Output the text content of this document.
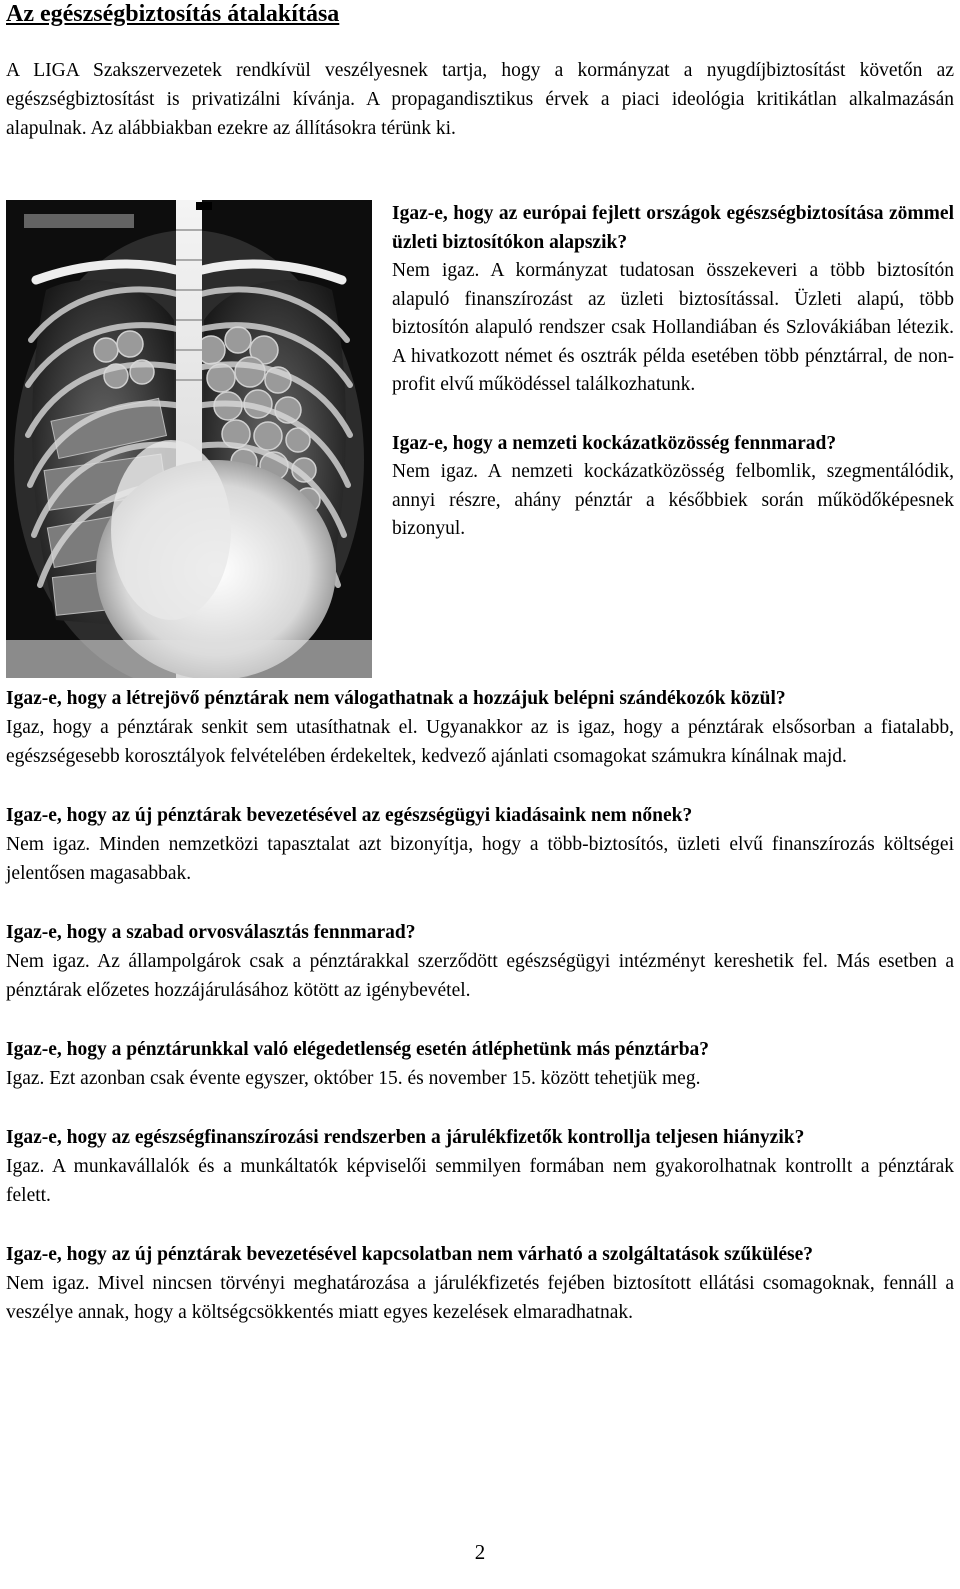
Az egészségbiztosítás átalakítása

A LIGA Szakszervezetek rendkívül veszélyesnek tartja, hogy a kormányzat a nyugdíjbiztosítást követőn az egészségbiztosítást is privatizálni kívánja. A propagandisztikus érvek a piaci ideológia kritikátlan alkalmazásán alapulnak. Az alábbiakban ezekre az állításokra térünk ki.

Igaz-e, hogy az európai fejlett országok egészségbiztosítása zömmel üzleti biztosítókon alapszik?

Nem igaz. A kormányzat tudatosan összekeveri a több biztosítón alapuló finanszírozást az üzleti biztosítással. Üzleti alapú, több biztosítón alapuló rendszer csak Hollandiában és Szlovákiában létezik. A hivatkozott német és osztrák példa esetében több pénztárral, de non-profit elvű működéssel találkozhatunk.

Igaz-e, hogy a nemzeti kockázatközösség fennmarad?

Nem igaz. A nemzeti kockázatközösség felbomlik, szegmentálódik, annyi részre, ahány pénztár a későbbiek során működőképesnek bizonyul.

Igaz-e, hogy a létrejövő pénztárak nem válogathatnak a hozzájuk belépni szándékozók közül?

Igaz, hogy a pénztárak senkit sem utasíthatnak el. Ugyanakkor az is igaz, hogy a pénztárak elsősorban a fiatalabb, egészségesebb korosztályok felvételében érdekeltek, kedvező ajánlati csomagokat számukra kínálnak majd.

Igaz-e, hogy az új pénztárak bevezetésével az egészségügyi kiadásaink nem nőnek?

Nem igaz. Minden nemzetközi tapasztalat azt bizonyítja, hogy a több-biztosítós, üzleti elvű finanszírozás költségei jelentősen magasabbak.

Igaz-e, hogy a szabad orvosválasztás fennmarad?

Nem igaz. Az állampolgárok csak a pénztárakkal szerződött egészségügyi intézményt kereshetik fel. Más esetben a pénztárak előzetes hozzájárulásához kötött az igénybevétel.

Igaz-e, hogy a pénztárunkkal való elégedetlenség esetén átléphetünk más pénztárba?

Igaz. Ezt azonban csak évente egyszer, október 15. és november 15. között tehetjük meg.

Igaz-e, hogy az egészségfinanszírozási rendszerben a járulékfizetők kontrollja teljesen hiányzik?

Igaz. A munkavállalók és a munkáltatók képviselői semmilyen formában nem gyakorolhatnak kontrollt a pénztárak felett.

Igaz-e, hogy az új pénztárak bevezetésével kapcsolatban nem várható a szolgáltatások szűkülése?

Nem igaz. Mivel nincsen törvényi meghatározása a járulékfizetés fejében biztosított ellátási csomagoknak, fennáll a veszélye annak, hogy a költségcsökkentés miatt egyes kezelések elmaradhatnak.

2
